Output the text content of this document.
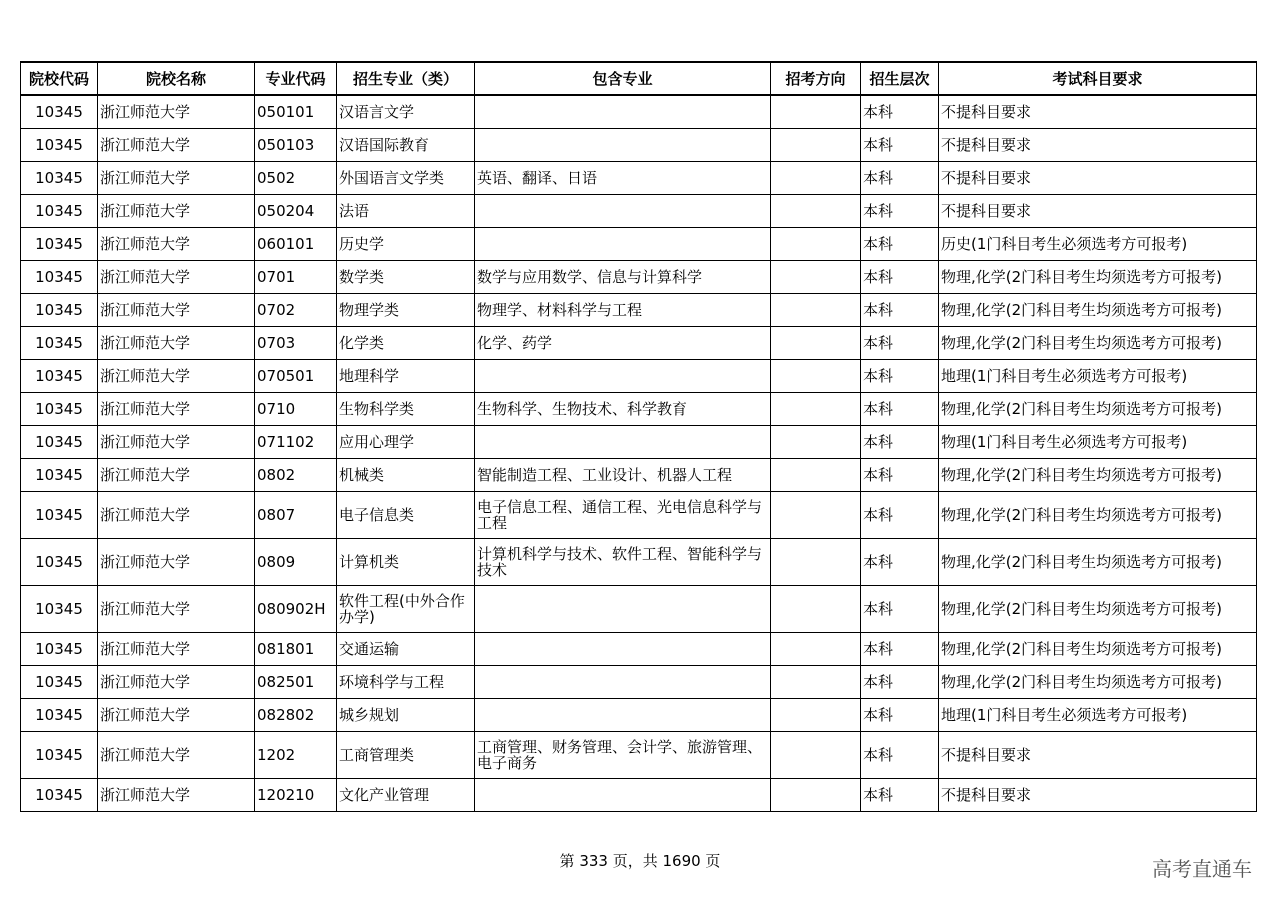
院校代码	院校名称	专业代码	招生专业（类）	包含专业	招考方向	招生层次	考试科目要求
10345	浙江师范大学	050101	汉语言文学			本科	不提科目要求
10345	浙江师范大学	050103	汉语国际教育			本科	不提科目要求
10345	浙江师范大学	0502	外国语言文学类	英语、翻译、日语		本科	不提科目要求
10345	浙江师范大学	050204	法语			本科	不提科目要求
10345	浙江师范大学	060101	历史学			本科	历史(1门科目考生必须选考方可报考)
10345	浙江师范大学	0701	数学类	数学与应用数学、信息与计算科学		本科	物理,化学(2门科目考生均须选考方可报考)
10345	浙江师范大学	0702	物理学类	物理学、材料科学与工程		本科	物理,化学(2门科目考生均须选考方可报考)
10345	浙江师范大学	0703	化学类	化学、药学		本科	物理,化学(2门科目考生均须选考方可报考)
10345	浙江师范大学	070501	地理科学			本科	地理(1门科目考生必须选考方可报考)
10345	浙江师范大学	0710	生物科学类	生物科学、生物技术、科学教育		本科	物理,化学(2门科目考生均须选考方可报考)
10345	浙江师范大学	071102	应用心理学			本科	物理(1门科目考生必须选考方可报考)
10345	浙江师范大学	0802	机械类	智能制造工程、工业设计、机器人工程		本科	物理,化学(2门科目考生均须选考方可报考)
10345	浙江师范大学	0807	电子信息类	电子信息工程、通信工程、光电信息科学与工程		本科	物理,化学(2门科目考生均须选考方可报考)
10345	浙江师范大学	0809	计算机类	计算机科学与技术、软件工程、智能科学与技术		本科	物理,化学(2门科目考生均须选考方可报考)
10345	浙江师范大学	080902H	软件工程(中外合作办学)			本科	物理,化学(2门科目考生均须选考方可报考)
10345	浙江师范大学	081801	交通运输			本科	物理,化学(2门科目考生均须选考方可报考)
10345	浙江师范大学	082501	环境科学与工程			本科	物理,化学(2门科目考生均须选考方可报考)
10345	浙江师范大学	082802	城乡规划			本科	地理(1门科目考生必须选考方可报考)
10345	浙江师范大学	1202	工商管理类	工商管理、财务管理、会计学、旅游管理、电子商务		本科	不提科目要求
10345	浙江师范大学	120210	文化产业管理			本科	不提科目要求
第 333 页，共 1690 页	高考直通车
